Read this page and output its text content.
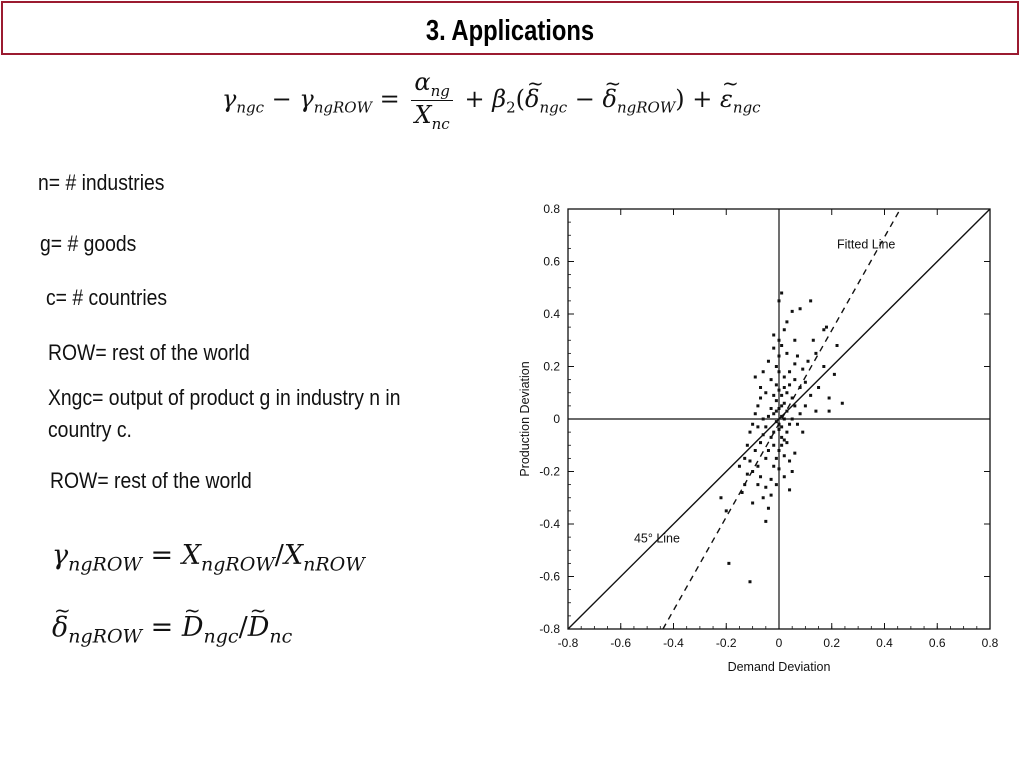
3. Applications
$\gamma_{ngc} - \gamma_{ngROW} = \frac{\alpha_{ng}}{X_{nc}}$ + $\beta_2(\sim$ $\delta_{ngc}$ − ~ $\delta_{ngROW}$) + ~ $\varepsilon_{ngc}$
n= # industries
g= # goods
c= # countries
ROW= rest of the world
Xngc= output of product g in industry n in country c.
ROW= rest of the world
$\gamma_{ngROW} = X_{ngROW}/X_{nROW}$
~ $\delta_{ngROW}$ = ~ $D_{ngc}/\sim$ $D_{nc}$	-0.8	-0.6	-0.4	-0.2	0	0.2	0.4	0.6	0.8
-0.8
-0.6
-0.4
-0.2
0
0.2
0.4
0.6
0.8
Fitted Line
45° Line
Demand Deviation
Production Deviation
